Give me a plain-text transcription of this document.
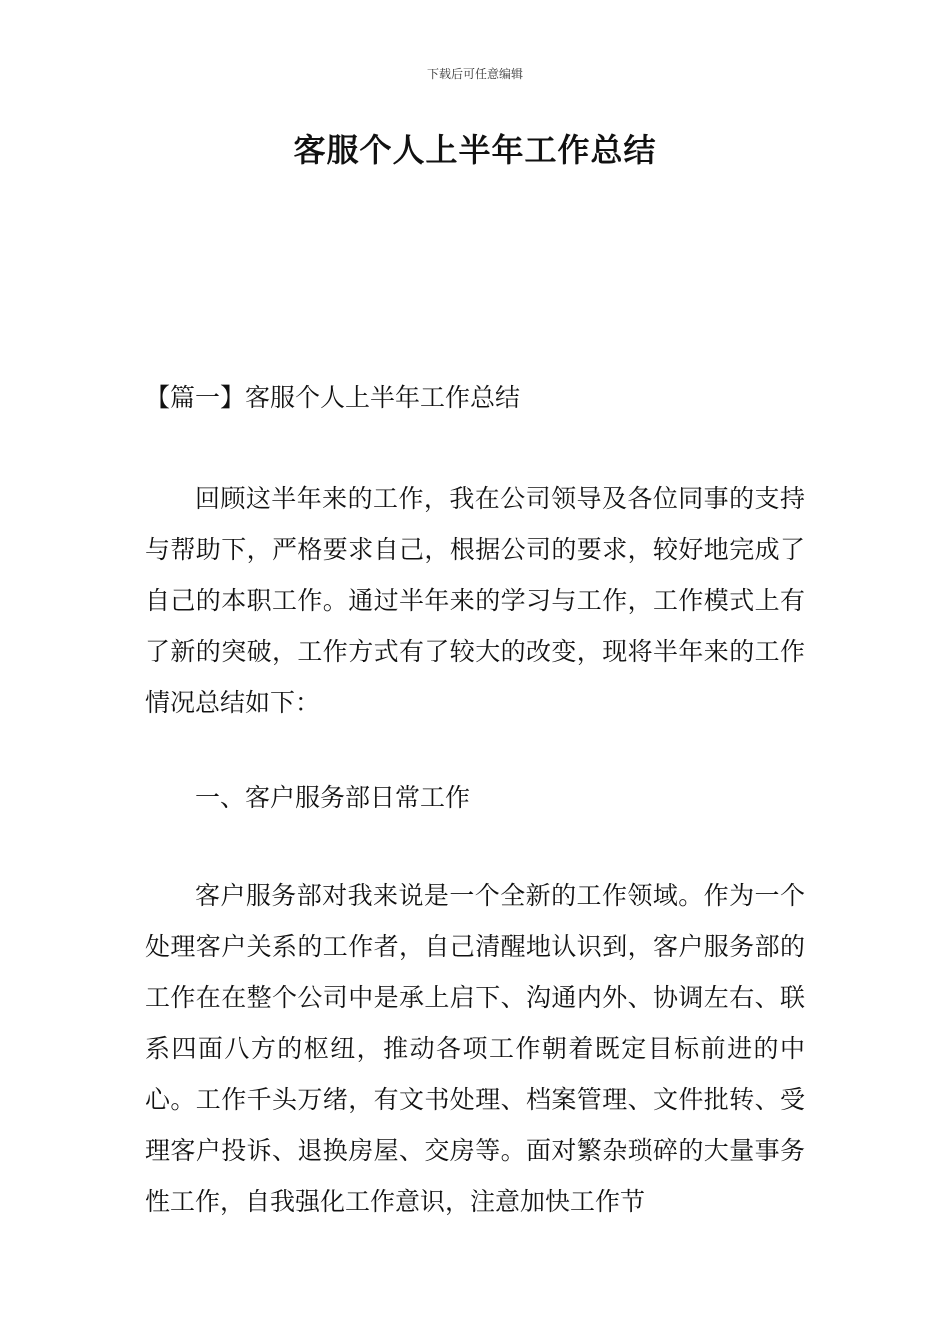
下载后可任意编辑
客服个人上半年工作总结
【篇一】客服个人上半年工作总结

回顾这半年来的工作，我在公司领导及各位同事的支持与帮助下，严格要求自己，根据公司的要求，较好地完成了自己的本职工作。通过半年来的学习与工作，工作模式上有了新的突破，工作方式有了较大的改变，现将半年来的工作情况总结如下：

一、客户服务部日常工作

客户服务部对我来说是一个全新的工作领域。作为一个处理客户关系的工作者，自己清醒地认识到，客户服务部的工作在在整个公司中是承上启下、沟通内外、协调左右、联系四面八方的枢纽，推动各项工作朝着既定目标前进的中心。工作千头万绪，有文书处理、档案管理、文件批转、受理客户投诉、退换房屋、交房等。面对繁杂琐碎的大量事务性工作，自我强化工作意识，注意加快工作节
